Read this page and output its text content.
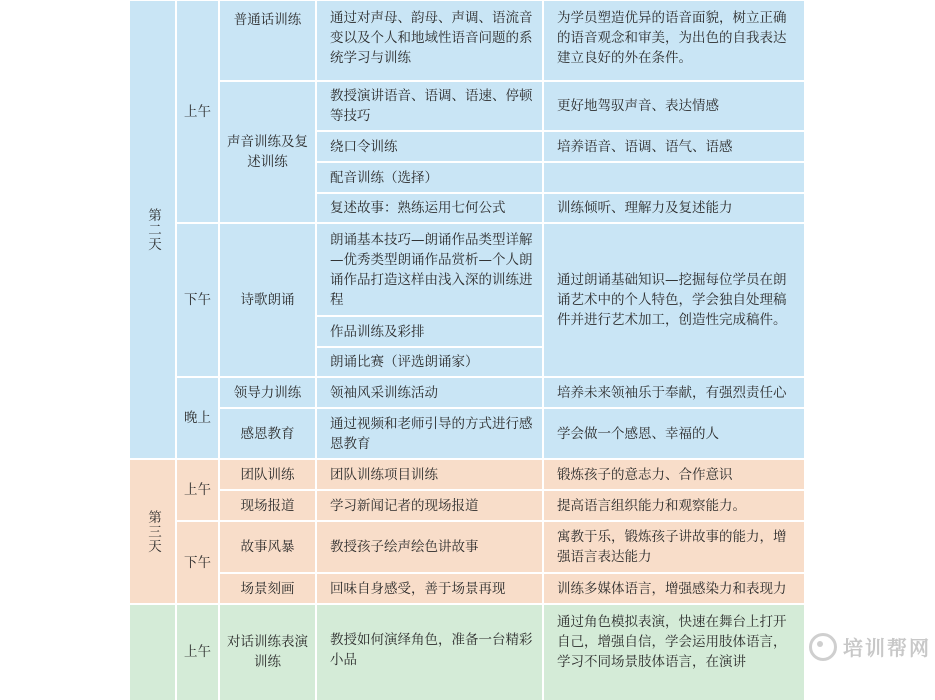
第二天
第三天
上午
下午
晚上
上午
下午
上午
普通话训练
声音训练及复述训练
诗歌朗诵
领导力训练
感恩教育
团队训练
现场报道
故事风暴
场景刻画
对话训练表演训练
通过对声母、韵母、声调、语流音变以及个人和地域性语音问题的系统学习与训练
教授演讲语音、语调、语速、停顿等技巧
绕口令训练
配音训练（选择）
复述故事：熟练运用七何公式
朗诵基本技巧—朗诵作品类型详解—优秀类型朗诵作品赏析—个人朗诵作品打造这样由浅入深的训练进程
作品训练及彩排
朗诵比赛（评选朗诵家）
领袖风采训练活动
通过视频和老师引导的方式进行感恩教育
团队训练项目训练
学习新闻记者的现场报道
教授孩子绘声绘色讲故事
回味自身感受，善于场景再现
教授如何演绎角色，准备一台精彩小品
为学员塑造优异的语音面貌，树立正确的语音观念和审美，为出色的自我表达建立良好的外在条件。
更好地驾驭声音、表达情感
培养语音、语调、语气、语感
训练倾听、理解力及复述能力
通过朗诵基础知识—挖掘每位学员在朗诵艺术中的个人特色，学会独自处理稿件并进行艺术加工，创造性完成稿件。
培养未来领袖乐于奉献，有强烈责任心
学会做一个感恩、幸福的人
锻炼孩子的意志力、合作意识
提高语言组织能力和观察能力。
寓教于乐，锻炼孩子讲故事的能力，增强语言表达能力
训练多媒体语言，增强感染力和表现力
通过角色模拟表演，快速在舞台上打开自己，增强自信，学会运用肢体语言，学习不同场景肢体语言，在演讲
培训帮网
